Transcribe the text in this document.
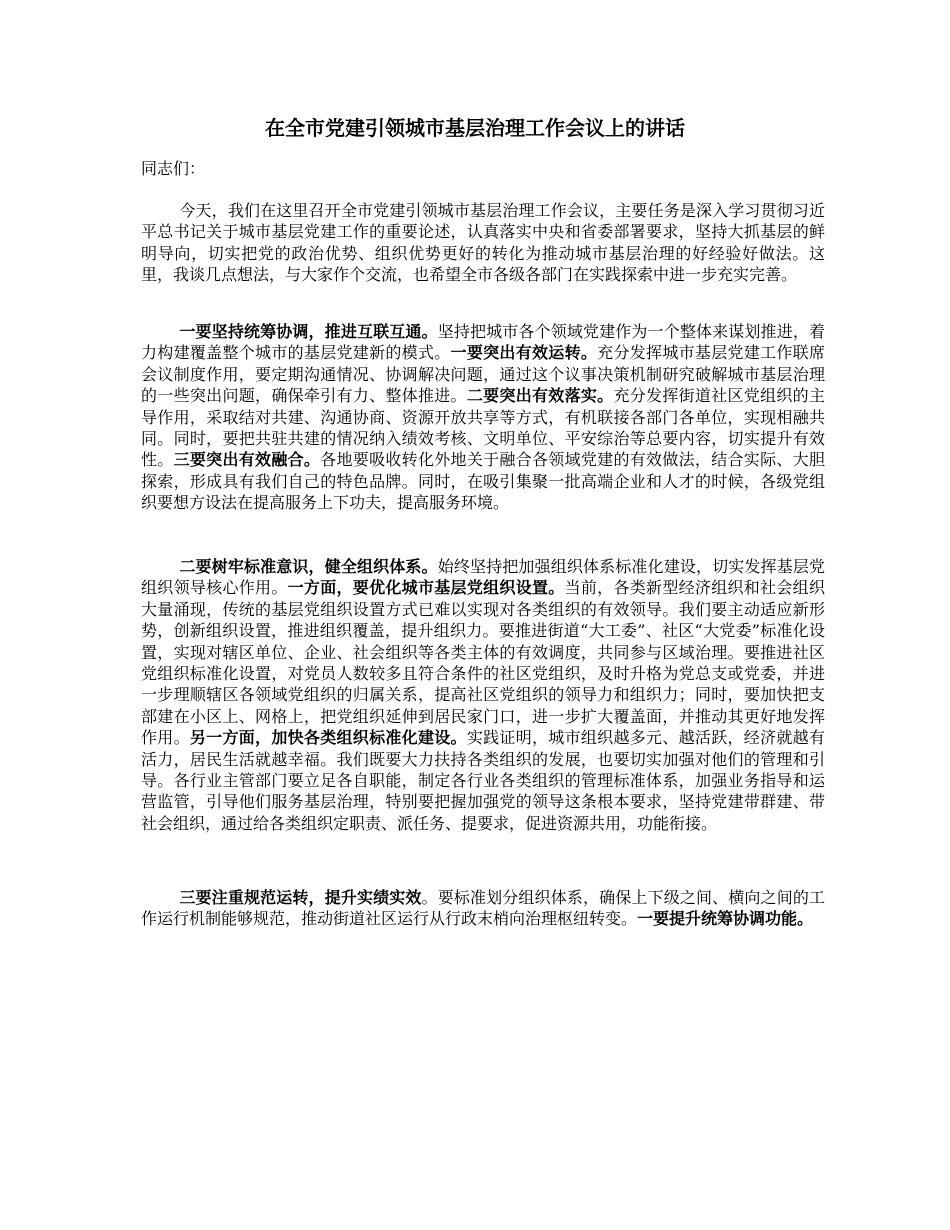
在全市党建引领城市基层治理工作会议上的讲话

同志们：

今天，我们在这里召开全市党建引领城市基层治理工作会议，主要任务是深入学习贯彻习近平总书记关于城市基层党建工作的重要论述，认真落实中央和省委部署要求，坚持大抓基层的鲜明导向，切实把党的政治优势、组织优势更好的转化为推动城市基层治理的好经验好做法。这里，我谈几点想法，与大家作个交流，也希望全市各级各部门在实践探索中进一步充实完善。

一要坚持统筹协调，推进互联互通。坚持把城市各个领域党建作为一个整体来谋划推进，着力构建覆盖整个城市的基层党建新的模式。一要突出有效运转。充分发挥城市基层党建工作联席会议制度作用，要定期沟通情况、协调解决问题，通过这个议事决策机制研究破解城市基层治理的一些突出问题，确保牵引有力、整体推进。二要突出有效落实。充分发挥街道社区党组织的主导作用，采取结对共建、沟通协商、资源开放共享等方式，有机联接各部门各单位，实现相融共同。同时，要把共驻共建的情况纳入绩效考核、文明单位、平安综治等总要内容，切实提升有效性。三要突出有效融合。各地要吸收转化外地关于融合各领域党建的有效做法，结合实际、大胆探索，形成具有我们自己的特色品牌。同时，在吸引集聚一批高端企业和人才的时候，各级党组织要想方设法在提高服务上下功夫，提高服务环境。

二要树牢标准意识，健全组织体系。始终坚持把加强组织体系标准化建设，切实发挥基层党组织领导核心作用。一方面，要优化城市基层党组织设置。当前，各类新型经济组织和社会组织大量涌现，传统的基层党组织设置方式已难以实现对各类组织的有效领导。我们要主动适应新形势，创新组织设置，推进组织覆盖，提升组织力。要推进街道“大工委”、社区“大党委”标准化设置，实现对辖区单位、企业、社会组织等各类主体的有效调度，共同参与区域治理。要推进社区党组织标准化设置，对党员人数较多且符合条件的社区党组织，及时升格为党总支或党委，并进一步理顺辖区各领域党组织的归属关系，提高社区党组织的领导力和组织力；同时，要加快把支部建在小区上、网格上，把党组织延伸到居民家门口，进一步扩大覆盖面，并推动其更好地发挥作用。另一方面，加快各类组织标准化建设。实践证明，城市组织越多元、越活跃，经济就越有活力，居民生活就越幸福。我们既要大力扶持各类组织的发展，也要切实加强对他们的管理和引导。各行业主管部门要立足各自职能，制定各行业各类组织的管理标准体系，加强业务指导和运营监管，引导他们服务基层治理，特别要把握加强党的领导这条根本要求，坚持党建带群建、带社会组织，通过给各类组织定职责、派任务、提要求，促进资源共用，功能衔接。

三要注重规范运转，提升实绩实效。要标准划分组织体系，确保上下级之间、横向之间的工作运行机制能够规范，推动街道社区运行从行政末梢向治理枢纽转变。一要提升统筹协调功能。
